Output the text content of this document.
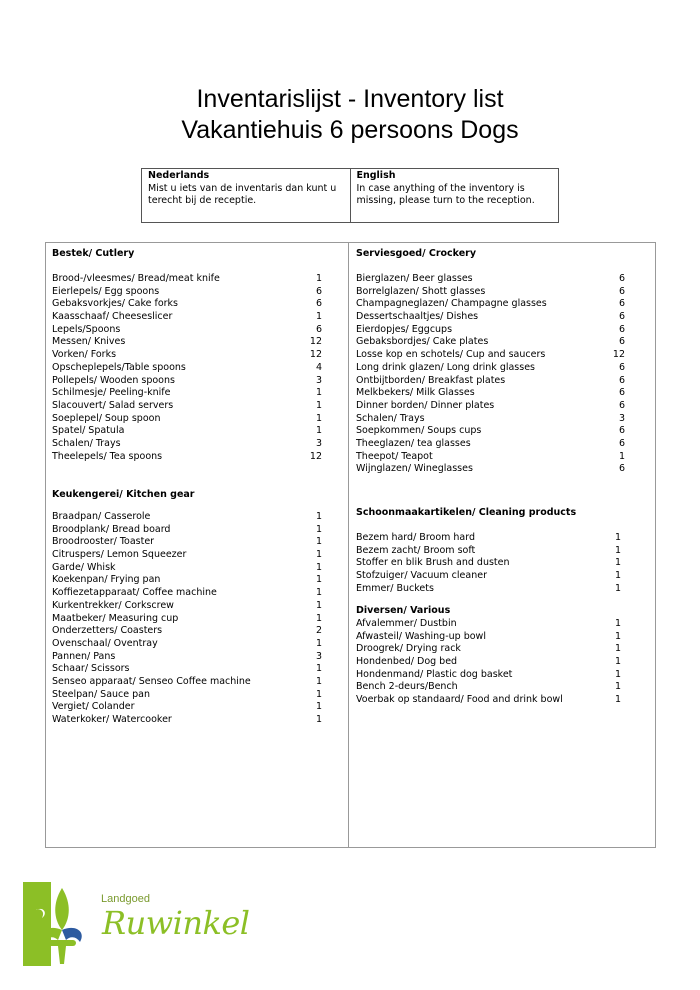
Inventarislijst - Inventory list
Vakantiehuis 6 persoons Dogs
Nederlands
Mist u iets van de inventaris dan kunt u terecht bij de receptie.
English
In case anything of the inventory is missing, please turn to the reception.
Bestek/ Cutlery
Brood-/vleesmes/ Bread/meat knife	1
Eierlepels/ Egg spoons	6
Gebaksvorkjes/ Cake forks	6
Kaasschaaf/ Cheeseslicer	1
Lepels/Spoons	6
Messen/ Knives	12
Vorken/ Forks	12
Opscheplepels/Table spoons	4
Pollepels/ Wooden spoons	3
Schilmesje/ Peeling-knife	1
Slacouvert/ Salad servers	1
Soeplepel/ Soup spoon	1
Spatel/ Spatula	1
Schalen/ Trays	3
Theelepels/ Tea spoons	12
Keukengerei/ Kitchen gear
Braadpan/ Casserole	1
Broodplank/ Bread board	1
Broodrooster/ Toaster	1
Citruspers/ Lemon Squeezer	1
Garde/ Whisk	1
Koekenpan/ Frying pan	1
Koffiezetapparaat/ Coffee machine	1
Kurkentrekker/ Corkscrew	1
Maatbeker/ Measuring cup	1
Onderzetters/ Coasters	2
Ovenschaal/ Oventray	1
Pannen/ Pans	3
Schaar/ Scissors	1
Senseo apparaat/ Senseo Coffee machine	1
Steelpan/ Sauce pan	1
Vergiet/ Colander	1
Waterkoker/ Watercooker	1
Serviesgoed/ Crockery
Bierglazen/ Beer glasses	6
Borrelglazen/ Shott glasses	6
Champagneglazen/ Champagne glasses	6
Dessertschaaltjes/ Dishes	6
Eierdopjes/ Eggcups	6
Gebaksbordjes/ Cake plates	6
Losse kop en schotels/ Cup and saucers	12
Long drink glazen/ Long drink glasses	6
Ontbijtborden/ Breakfast plates	6
Melkbekers/ Milk Glasses	6
Dinner borden/ Dinner plates	6
Schalen/ Trays	3
Soepkommen/ Soups cups	6
Theeglazen/ tea glasses	6
Theepot/ Teapot	1
Wijnglazen/ Wineglasses	6
Schoonmaakartikelen/ Cleaning products
Bezem hard/ Broom hard	1
Bezem zacht/ Broom soft	1
Stoffer en blik Brush and dusten	1
Stofzuiger/ Vacuum cleaner	1
Emmer/ Buckets	1
Diversen/ Various
Afvalemmer/ Dustbin	1
Afwasteil/ Washing-up bowl	1
Droogrek/ Drying rack	1
Hondenbed/ Dog bed	1
Hondenmand/ Plastic dog basket	1
Bench 2-deurs/Bench	1
Voerbak op standaard/ Food and drink bowl	1
Landgoed
Ruwinkel
